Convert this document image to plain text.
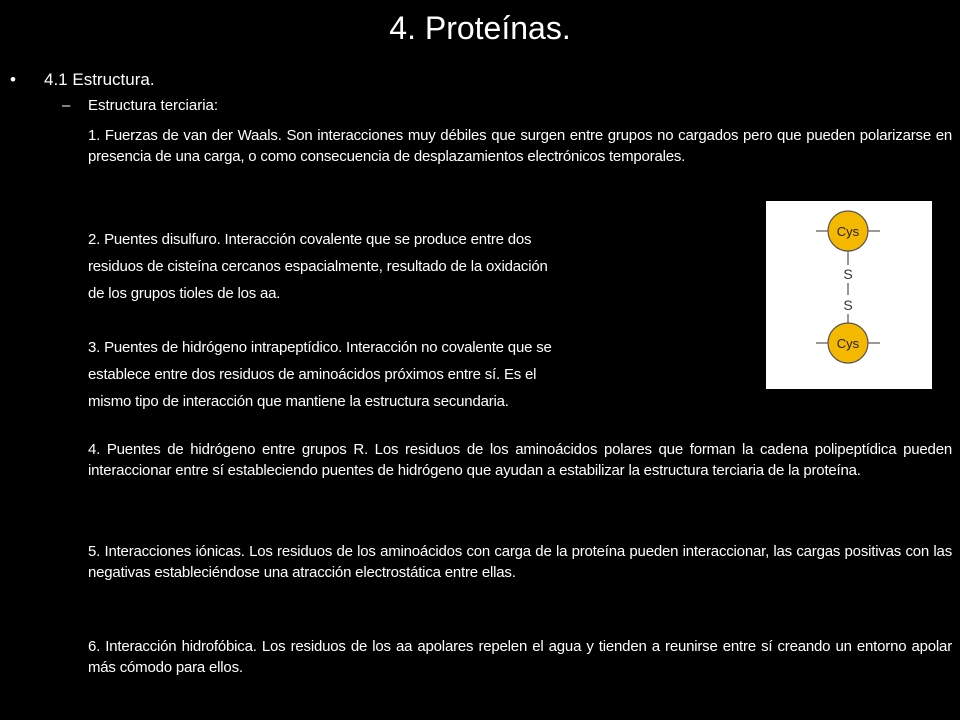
4. Proteínas.
• 4.1 Estructura.
– Estructura terciaria:
1. Fuerzas de van der Waals. Son interacciones muy débiles que surgen entre grupos no cargados pero que pueden polarizarse en presencia de una carga, o como consecuencia de desplazamientos electrónicos temporales.
2. Puentes disulfuro. Interacción covalente que se produce entre dos
residuos de cisteína cercanos espacialmente, resultado de la oxidación
de los grupos tioles de los aa.
3. Puentes de hidrógeno intrapeptídico. Interacción no covalente que se
establece entre dos residuos de aminoácidos próximos entre sí. Es el
mismo tipo de interacción que mantiene la estructura secundaria.
4. Puentes de hidrógeno entre grupos R. Los residuos de los aminoácidos polares que forman la cadena polipeptídica pueden interaccionar entre sí estableciendo puentes de hidrógeno que ayudan a estabilizar la estructura terciaria de la proteína.
5. Interacciones iónicas. Los residuos de los aminoácidos con carga de la proteína pueden interaccionar, las cargas positivas con las negativas estableciéndose una atracción electrostática entre ellas.
6. Interacción hidrofóbica. Los residuos de los aa apolares repelen el agua y tienden a reunirse entre sí creando un entorno apolar más cómodo para ellos.
Cys
S
S
Cys
